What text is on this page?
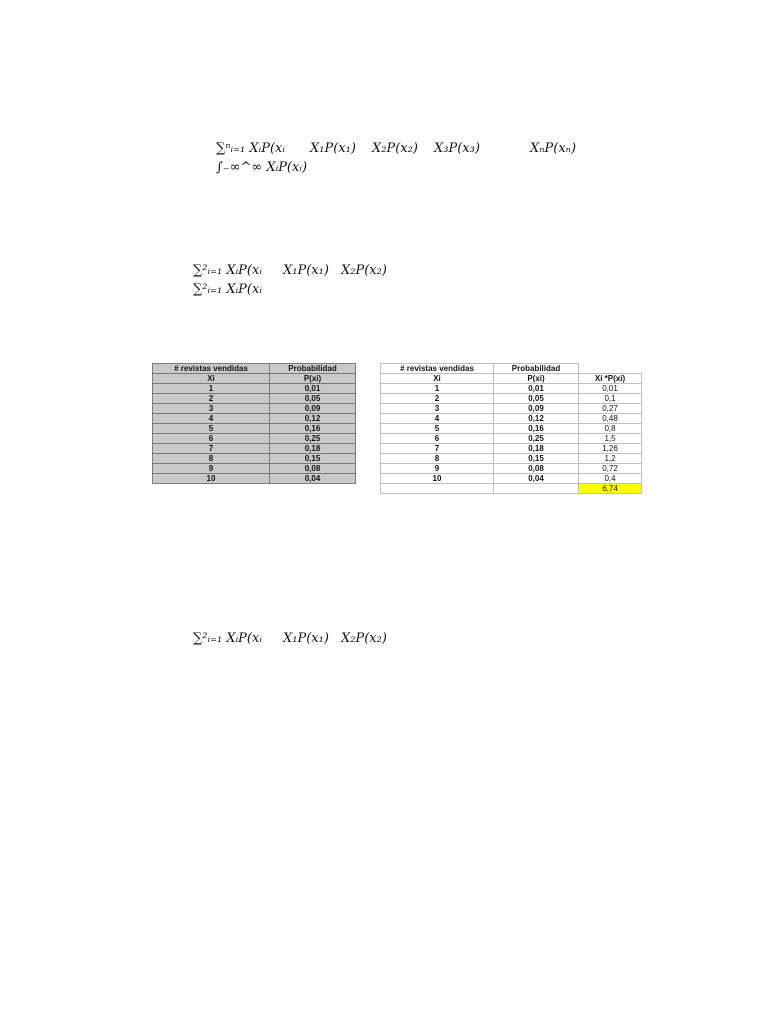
∑ⁿᵢ₌₁ XᵢP(xᵢ X₁P(x₁) X₂P(x₂) X₃P(x₃)	XₙP(xₙ)
∫₋∞^∞ XᵢP(xᵢ)
∑²ᵢ₌₁ XᵢP(xᵢ X₁P(x₁) X₂P(x₂)
∑²ᵢ₌₁ XᵢP(xᵢ
# revistas vendidas	Probabilidad
Xi	P(xi)
1	0,01
2	0,05
3	0,09
4	0,12
5	0,16
6	0,25
7	0,18
8	0,15
9	0,08
10	0,04
# revistas vendidas	Probabilidad	
Xi	P(xi)	Xi *P(xi)
1	0,01	0,01
2	0,05	0,1
3	0,09	0,27
4	0,12	0,48
5	0,16	0,8
6	0,25	1,5
7	0,18	1,26
8	0,15	1,2
9	0,08	0,72
10	0,04	0,4
		6,74
∑²ᵢ₌₁ XᵢP(xᵢ X₁P(x₁) X₂P(x₂)
